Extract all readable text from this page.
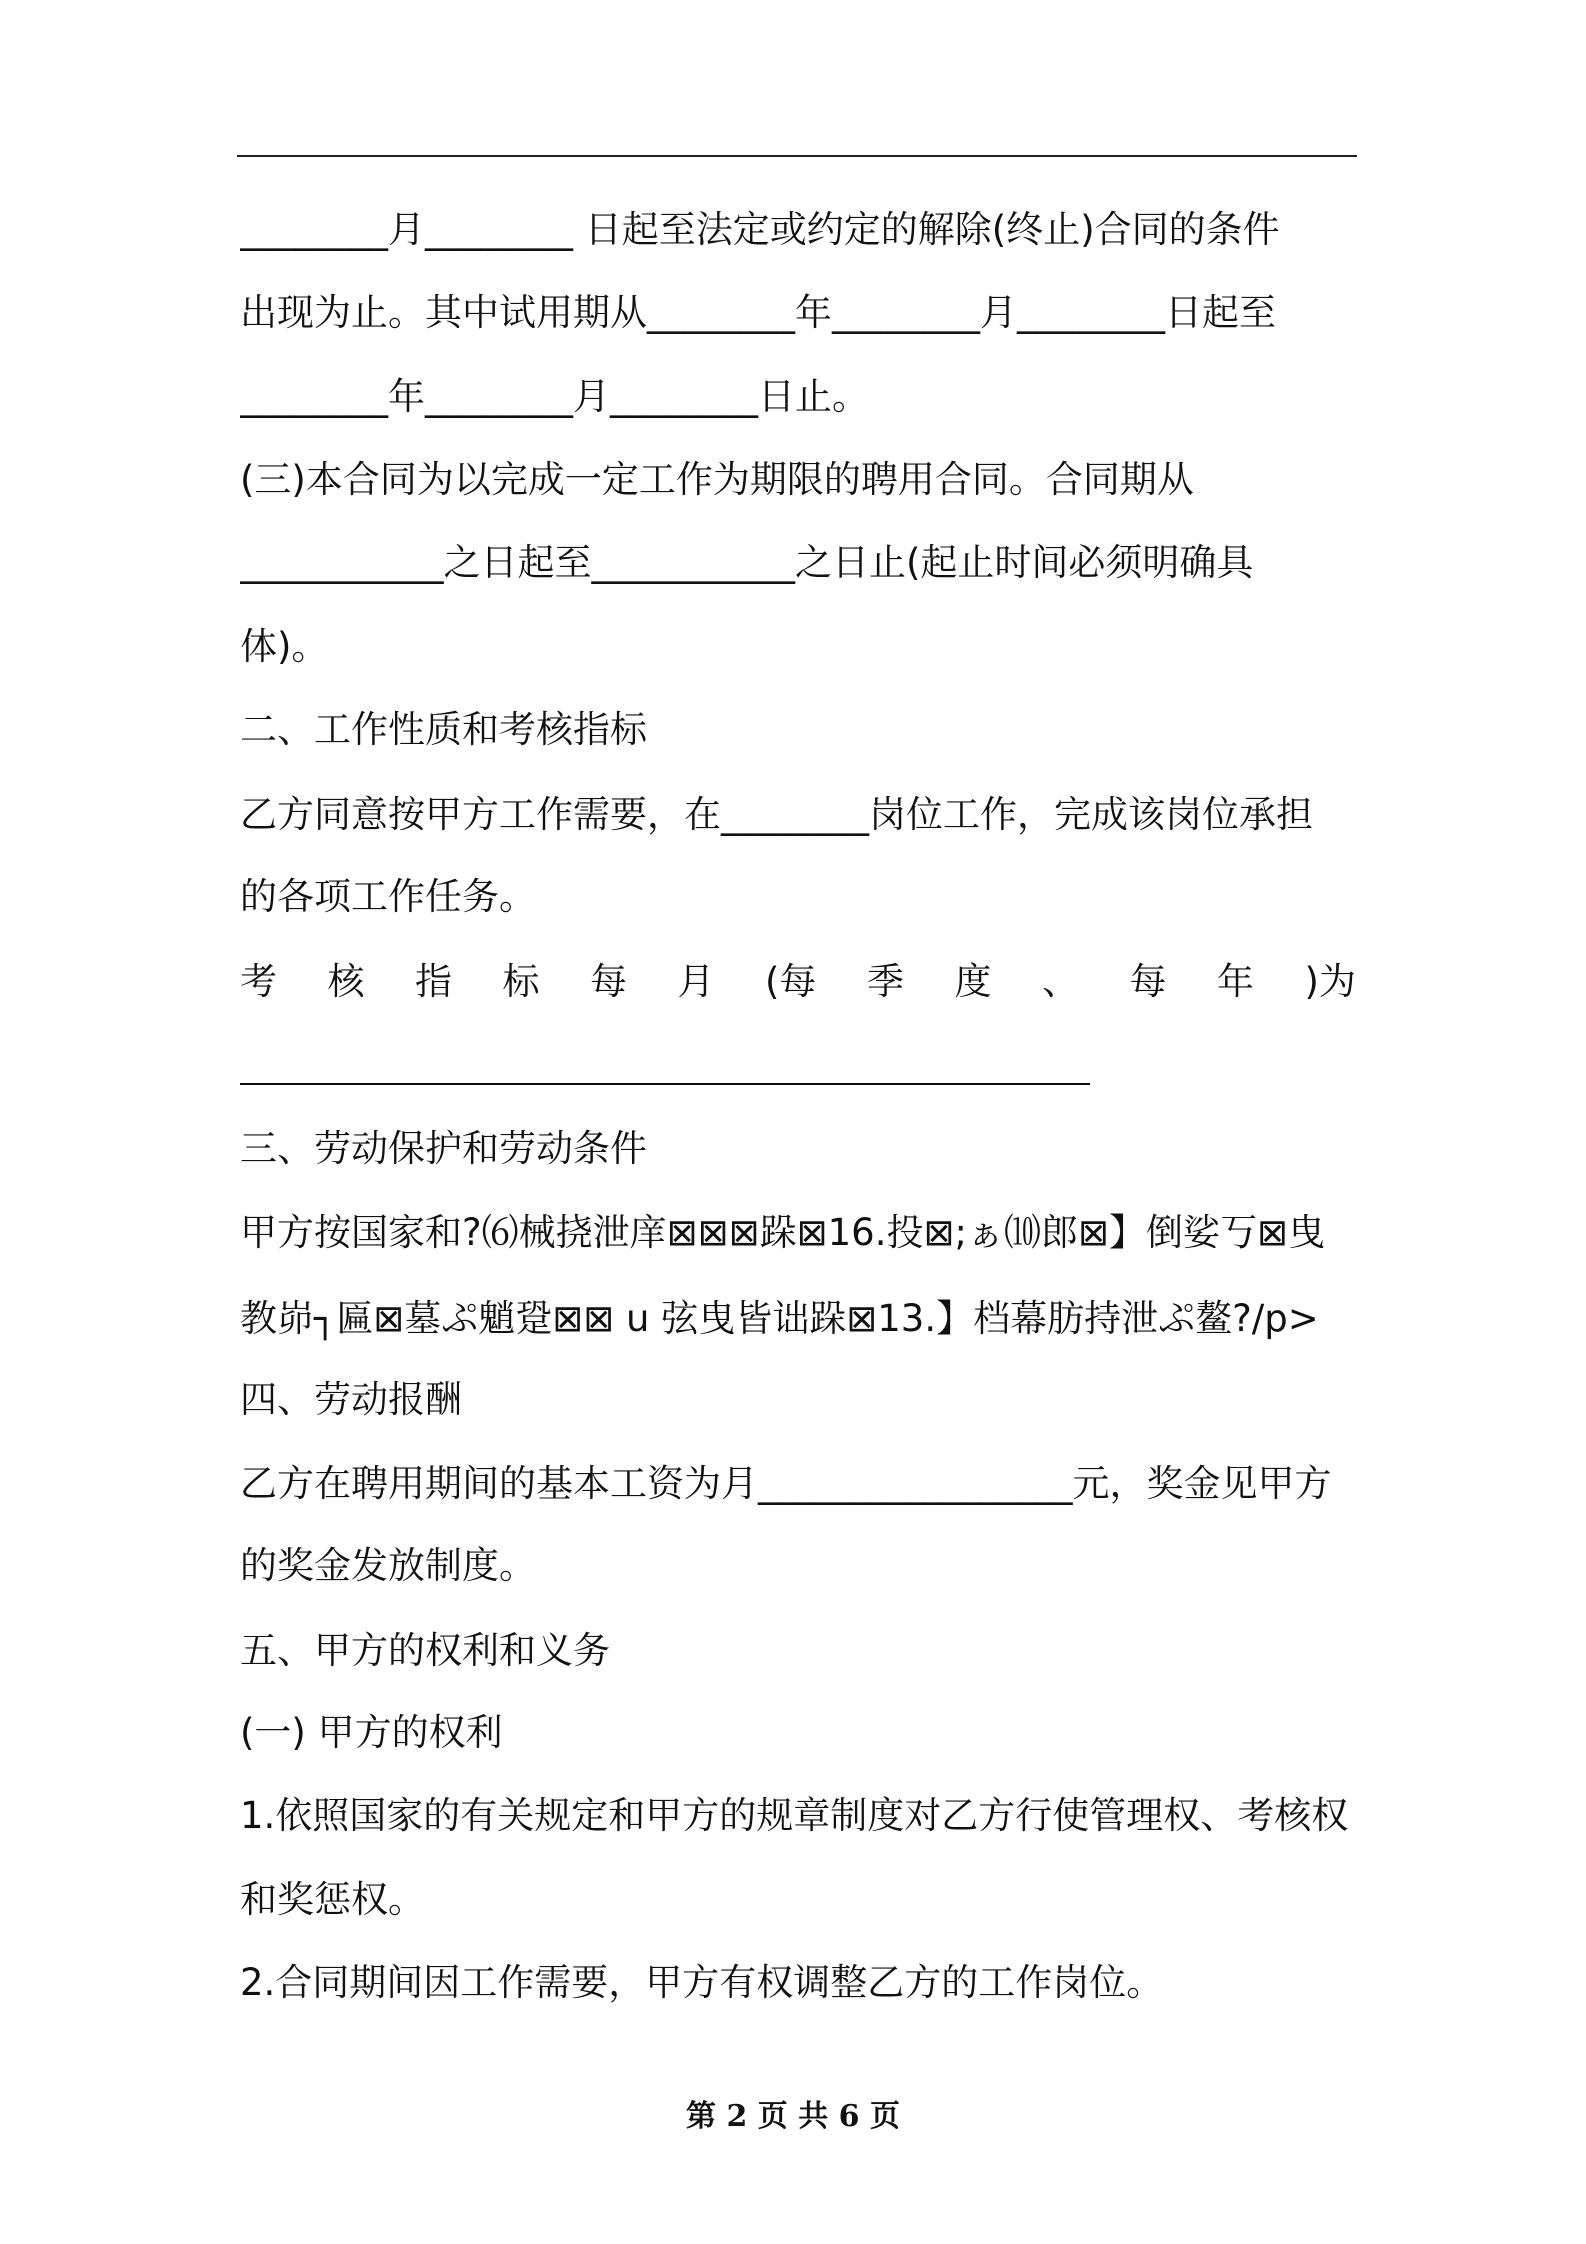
________月________ 日起至法定或约定的解除(终止)合同的条件
出现为止。其中试用期从________年________月________日起至
________年________月________日止。
(三)本合同为以完成一定工作为期限的聘用合同。合同期从
___________之日起至___________之日止(起止时间必须明确具
体)。
二、工作性质和考核指标
乙方同意按甲方工作需要，在________岗位工作，完成该岗位承担
的各项工作任务。
考 核 指 标 每 月 (每 季 度 、 每 年 )为
三、劳动保护和劳动条件
甲方按国家和?⑹械挠泄庠⊠⊠⊠跺⊠16.投⊠;ぁ⑽郎⊠】倒娑丂⊠曳
教峁┐匾⊠墓ぷ魈跫⊠⊠ u 弦曳皆诎跺⊠13.】档幕肪持泄ぷ鳌?/p>
四、劳动报酬
乙方在聘用期间的基本工资为月_________________元，奖金见甲方
的奖金发放制度。
五、甲方的权利和义务
(一) 甲方的权利
1.依照国家的有关规定和甲方的规章制度对乙方行使管理权、考核权
和奖惩权。
2.合同期间因工作需要，甲方有权调整乙方的工作岗位。
第 2 页 共 6 页
